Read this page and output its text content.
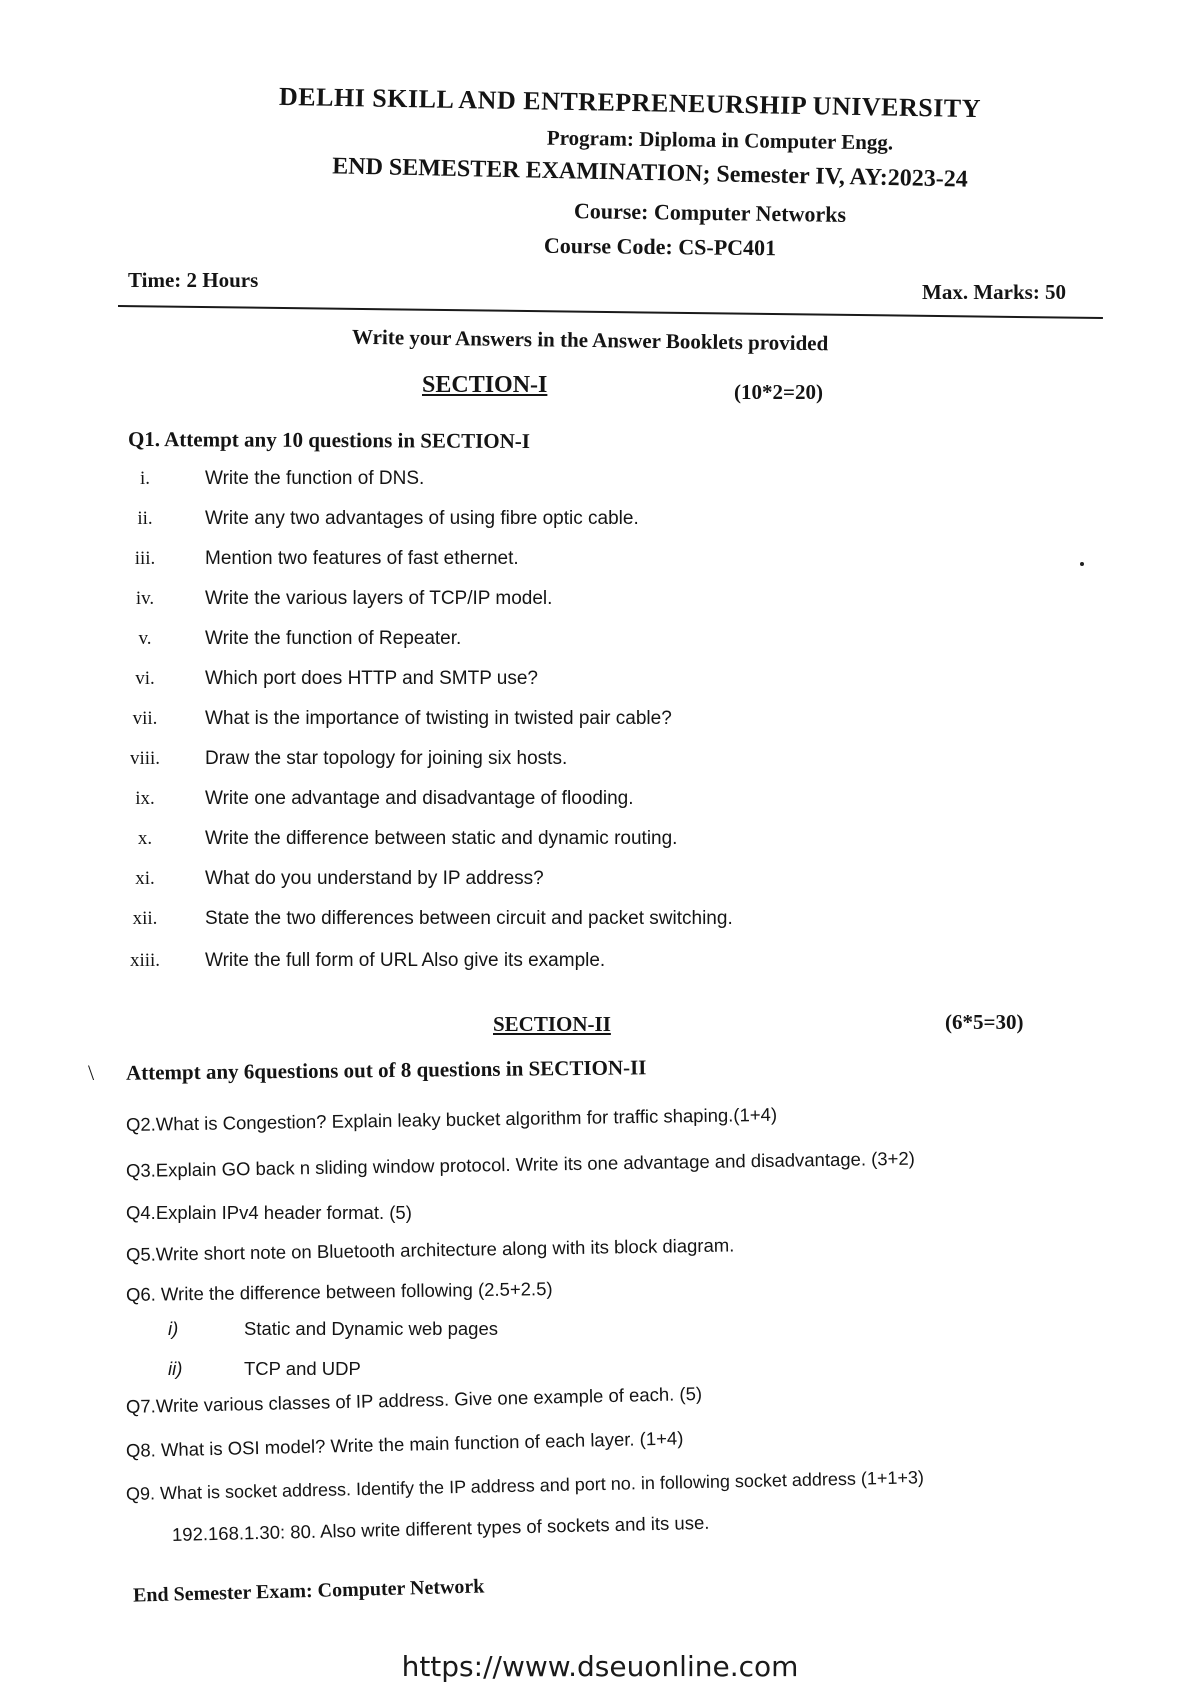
DELHI SKILL AND ENTREPRENEURSHIP UNIVERSITY
Program: Diploma in Computer Engg.
END SEMESTER EXAMINATION; Semester IV, AY:2023-24
Course: Computer Networks
Course Code: CS-PC401
Time: 2 Hours	Max. Marks: 50
Write your Answers in the Answer Booklets provided
SECTION-I	(10*2=20)
Q1. Attempt any 10 questions in SECTION-I
i.	Write the function of DNS.
ii.	Write any two advantages of using fibre optic cable.
iii.	Mention two features of fast ethernet.
iv.	Write the various layers of TCP/IP model.
v.	Write the function of Repeater.
vi.	Which port does HTTP and SMTP use?
vii.	What is the importance of twisting in twisted pair cable?
viii.	Draw the star topology for joining six hosts.
ix.	Write one advantage and disadvantage of flooding.
x.	Write the difference between static and dynamic routing.
xi.	What do you understand by IP address?
xii.	State the two differences between circuit and packet switching.
xiii.	Write the full form of URL Also give its example.
SECTION-II	(6*5=30)
\ Attempt any 6questions out of 8 questions in SECTION-II
Q2.What is Congestion? Explain leaky bucket algorithm for traffic shaping.(1+4)
Q3.Explain GO back n sliding window protocol. Write its one advantage and disadvantage. (3+2)
Q4.Explain IPv4 header format. (5)
Q5.Write short note on Bluetooth architecture along with its block diagram.
Q6. Write the difference between following (2.5+2.5)
i)	Static and Dynamic web pages
ii)	TCP and UDP
Q7.Write various classes of IP address. Give one example of each. (5)
Q8. What is OSI model? Write the main function of each layer. (1+4)
Q9. What is socket address. Identify the IP address and port no. in following socket address (1+1+3)
192.168.1.30: 80. Also write different types of sockets and its use.
End Semester Exam: Computer Network
https://www.dseuonline.com
